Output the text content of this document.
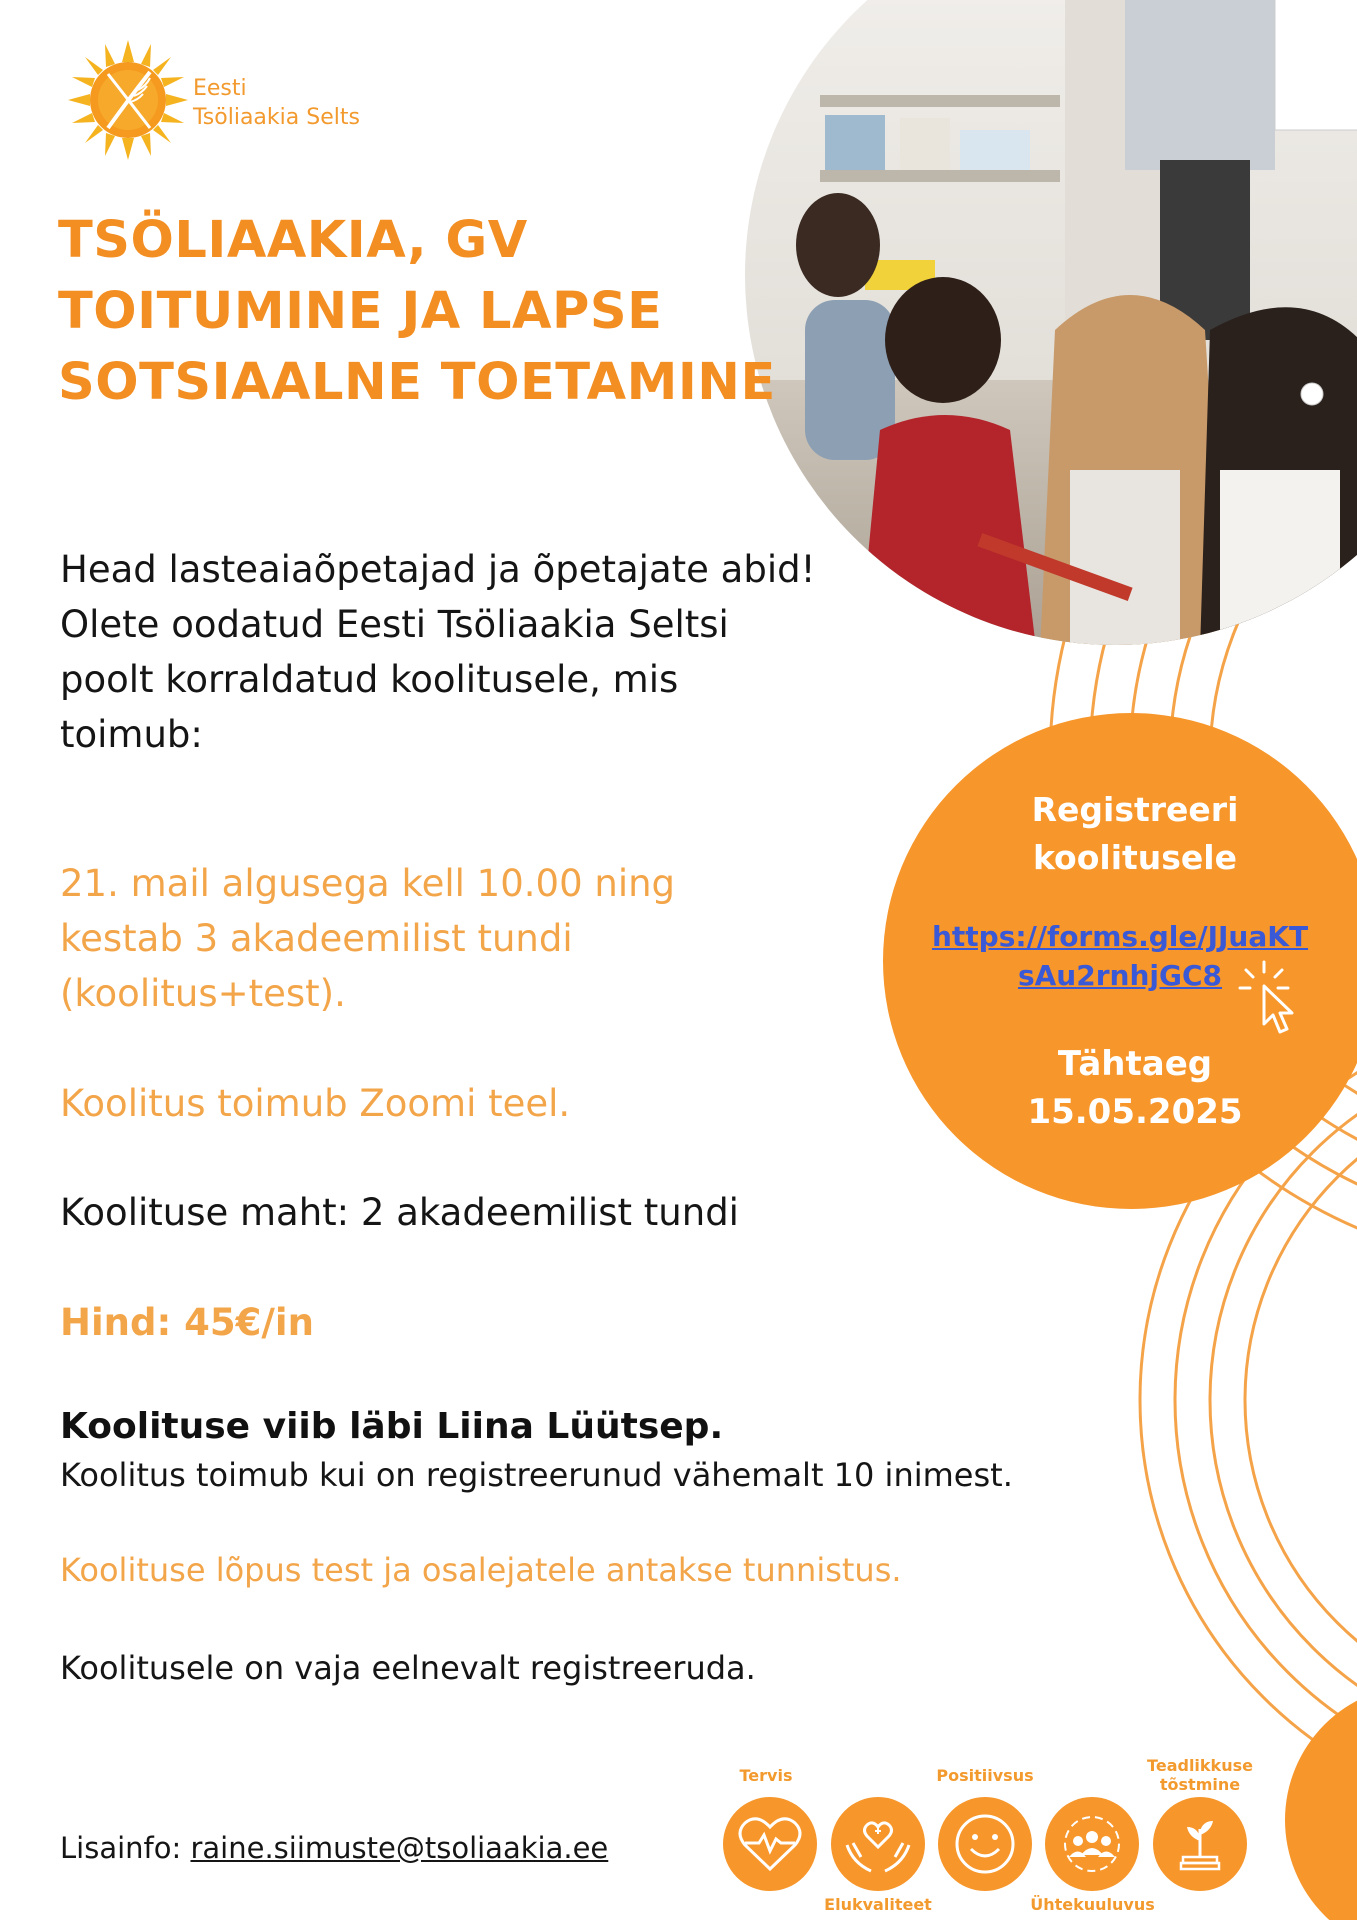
Eesti
Tsöliaakia Selts
TSÖLIAAKIA, GV
TOITUMINE JA LAPSE
SOTSIAALNE TOETAMINE
Head lasteaiaõpetajad ja õpetajate abid!
Olete oodatud Eesti Tsöliaakia Seltsi
poolt korraldatud koolitusele, mis
toimub:
21. mail algusega kell 10.00 ning
kestab 3 akadeemilist tundi
(koolitus+test).
Koolitus toimub Zoomi teel.
Koolituse maht: 2 akadeemilist tundi
Hind: 45€/in
Koolituse viib läbi Liina Lüütsep.
Koolitus toimub kui on registreerunud vähemalt 10 inimest.
Koolituse lõpus test ja osalejatele antakse tunnistus.
Koolitusele on vaja eelnevalt registreeruda.
Lisainfo: raine.siimuste@tsoliaakia.ee
Registreeri
koolitusele
https://forms.gle/JJuaKT
sAu2rnhjGC8
Tähtaeg
15.05.2025
Tervis	Positiivsus
Teadlikkuse
tõstmine
Elukvaliteet	Ühtekuuluvus
